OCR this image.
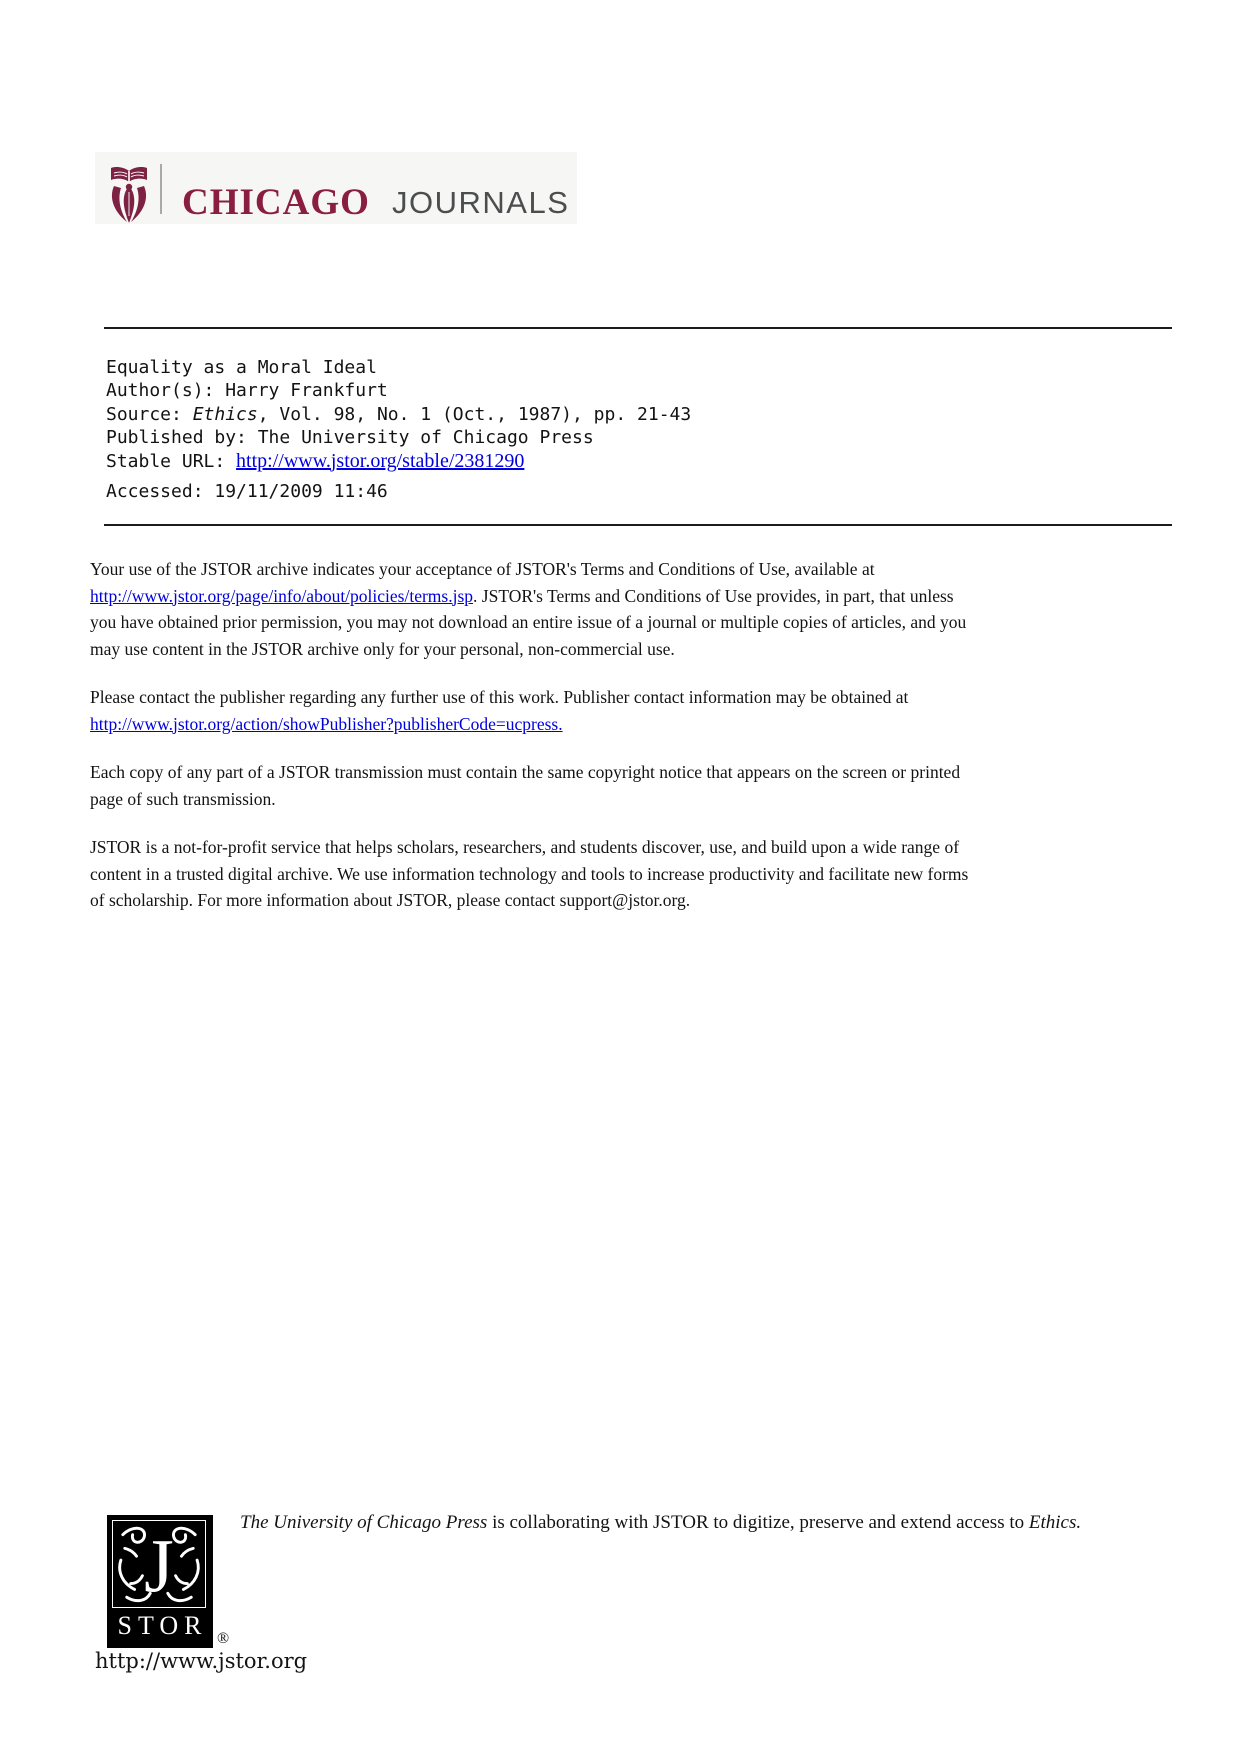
CHICAGO JOURNALS
Equality as a Moral Ideal
Author(s): Harry Frankfurt
Source: Ethics, Vol. 98, No. 1 (Oct., 1987), pp. 21-43
Published by: The University of Chicago Press
Stable URL: http://www.jstor.org/stable/2381290
Accessed: 19/11/2009 11:46

Your use of the JSTOR archive indicates your acceptance of JSTOR's Terms and Conditions of Use, available at
http://www.jstor.org/page/info/about/policies/terms.jsp. JSTOR's Terms and Conditions of Use provides, in part, that unless
you have obtained prior permission, you may not download an entire issue of a journal or multiple copies of articles, and you
may use content in the JSTOR archive only for your personal, non-commercial use.

Please contact the publisher regarding any further use of this work. Publisher contact information may be obtained at
http://www.jstor.org/action/showPublisher?publisherCode=ucpress.

Each copy of any part of a JSTOR transmission must contain the same copyright notice that appears on the screen or printed
page of such transmission.

JSTOR is a not-for-profit service that helps scholars, researchers, and students discover, use, and build upon a wide range of
content in a trusted digital archive. We use information technology and tools to increase productivity and facilitate new forms
of scholarship. For more information about JSTOR, please contact support@jstor.org.

The University of Chicago Press is collaborating with JSTOR to digitize, preserve and extend access to Ethics.
J
STOR ®
http://www.jstor.org
